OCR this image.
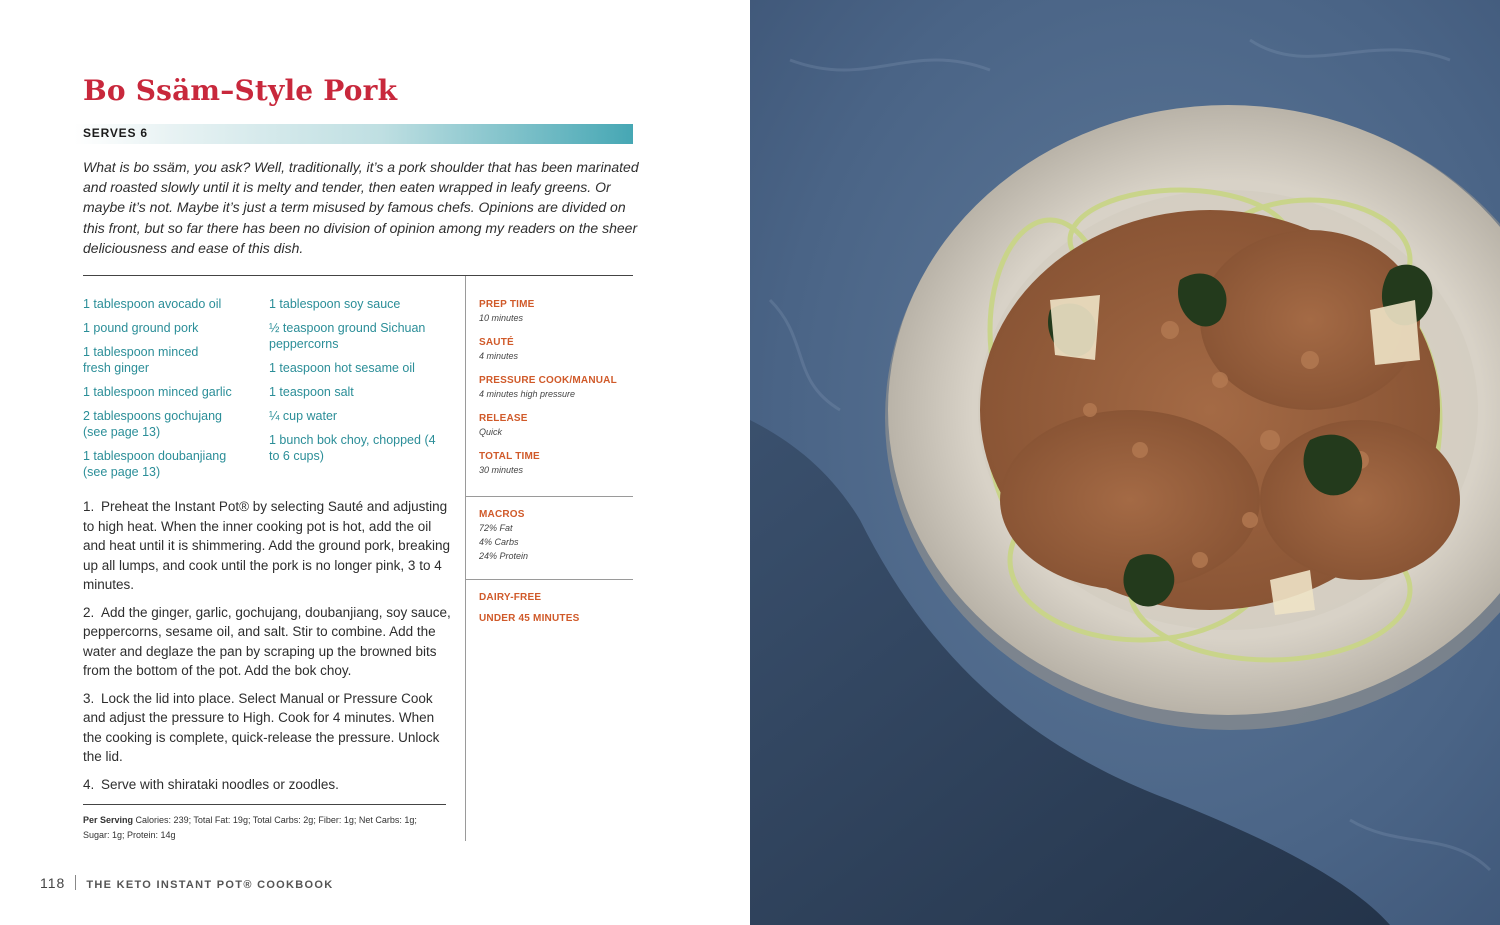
Bo Ssäm–Style Pork
SERVES 6

What is bo ssäm, you ask? Well, traditionally, it’s a pork shoulder that has been marinated and roasted slowly until it is melty and tender, then eaten wrapped in leafy greens. Or maybe it’s not. Maybe it’s just a term misused by famous chefs. Opinions are divided on this front, but so far there has been no division of opinion among my readers on the sheer deliciousness and ease of this dish.

1 tablespoon avocado oil
1 pound ground pork
1 tablespoon minced fresh ginger
1 tablespoon minced garlic
2 tablespoons gochujang (see page 13)
1 tablespoon doubanjiang (see page 13)
1 tablespoon soy sauce
½ teaspoon ground Sichuan peppercorns
1 teaspoon hot sesame oil
1 teaspoon salt
¼ cup water
1 bunch bok choy, chopped (4 to 6 cups)
1. Preheat the Instant Pot® by selecting Sauté and adjusting to high heat. When the inner cooking pot is hot, add the oil and heat until it is shimmering. Add the ground pork, breaking up all lumps, and cook until the pork is no longer pink, 3 to 4 minutes.
2. Add the ginger, garlic, gochujang, doubanjiang, soy sauce, peppercorns, sesame oil, and salt. Stir to combine. Add the water and deglaze the pan by scraping up the browned bits from the bottom of the pot. Add the bok choy.
3. Lock the lid into place. Select Manual or Pressure Cook and adjust the pressure to High. Cook for 4 minutes. When the cooking is complete, quick-release the pressure. Unlock the lid.
4. Serve with shirataki noodles or zoodles.

Per Serving Calories: 239; Total Fat: 19g; Total Carbs: 2g; Fiber: 1g; Net Carbs: 1g; Sugar: 1g; Protein: 14g

PREP TIME
10 minutes
SAUTÉ
4 minutes
PRESSURE COOK/MANUAL
4 minutes high pressure
RELEASE
Quick
TOTAL TIME
30 minutes
MACROS
72% Fat
4% Carbs
24% Protein
DAIRY-FREE
UNDER 45 MINUTES
118 THE KETO INSTANT POT® COOKBOOK
